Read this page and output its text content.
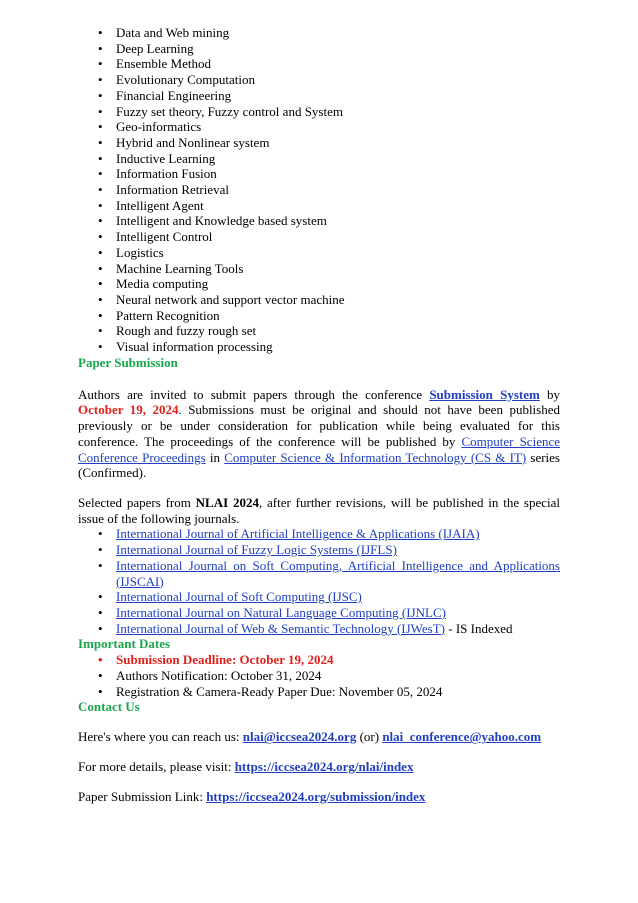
• Data and Web mining
• Deep Learning
• Ensemble Method
• Evolutionary Computation
• Financial Engineering
• Fuzzy set theory, Fuzzy control and System
• Geo-informatics
• Hybrid and Nonlinear system
• Inductive Learning
• Information Fusion
• Information Retrieval
• Intelligent Agent
• Intelligent and Knowledge based system
• Intelligent Control
• Logistics
• Machine Learning Tools
• Media computing
• Neural network and support vector machine
• Pattern Recognition
• Rough and fuzzy rough set
• Visual information processing
Paper Submission

Authors are invited to submit papers through the conference Submission System by October 19, 2024. Submissions must be original and should not have been published previously or be under consideration for publication while being evaluated for this conference. The proceedings of the conference will be published by Computer Science Conference Proceedings in Computer Science & Information Technology (CS & IT) series (Confirmed).

Selected papers from NLAI 2024, after further revisions, will be published in the special issue of the following journals.

• International Journal of Artificial Intelligence & Applications (IJAIA)
• International Journal of Fuzzy Logic Systems (IJFLS)
• International Journal on Soft Computing, Artificial Intelligence and Applications (IJSCAI)
• International Journal of Soft Computing (IJSC)
• International Journal on Natural Language Computing (IJNLC)
• International Journal of Web & Semantic Technology (IJWesT) - IS Indexed
Important Dates
• Submission Deadline: October 19, 2024
• Authors Notification: October 31, 2024
• Registration & Camera-Ready Paper Due: November 05, 2024
Contact Us

Here's where you can reach us: nlai@iccsea2024.org (or) nlai_conference@yahoo.com

For more details, please visit: https://iccsea2024.org/nlai/index

Paper Submission Link: https://iccsea2024.org/submission/index
